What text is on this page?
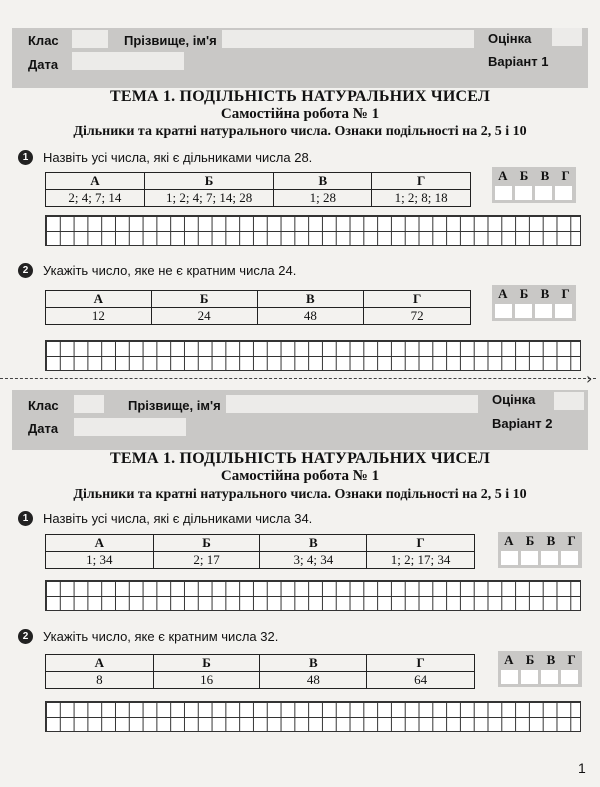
Клас	Прізвище, ім'я	Оцінка
Дата	Варіант 1
ТЕМА 1. ПОДІЛЬНІСТЬ НАТУРАЛЬНИХ ЧИСЕЛ
Самостійна робота № 1
Дільники та кратні натурального числа. Ознаки подільності на 2, 5 і 10
1	Назвіть усі числа, які є дільниками числа 28.
А	Б	В	Г
2; 4; 7; 14	1; 2; 4; 7; 14; 28	1; 28	1; 2; 8; 18
А Б В Г
2	Укажіть число, яке не є кратним числа 24.
А	Б	В	Г
12	24	48	72
А Б В Г
›
Клас	Прізвище, ім'я	Оцінка
Дата	Варіант 2
ТЕМА 1. ПОДІЛЬНІСТЬ НАТУРАЛЬНИХ ЧИСЕЛ
Самостійна робота № 1
Дільники та кратні натурального числа. Ознаки подільності на 2, 5 і 10
1	Назвіть усі числа, які є дільниками числа 34.
А	Б	В	Г
1; 34	2; 17	3; 4; 34	1; 2; 17; 34
А Б В Г
2	Укажіть число, яке є кратним числа 32.
А	Б	В	Г
8	16	48	64
А Б В Г
1
